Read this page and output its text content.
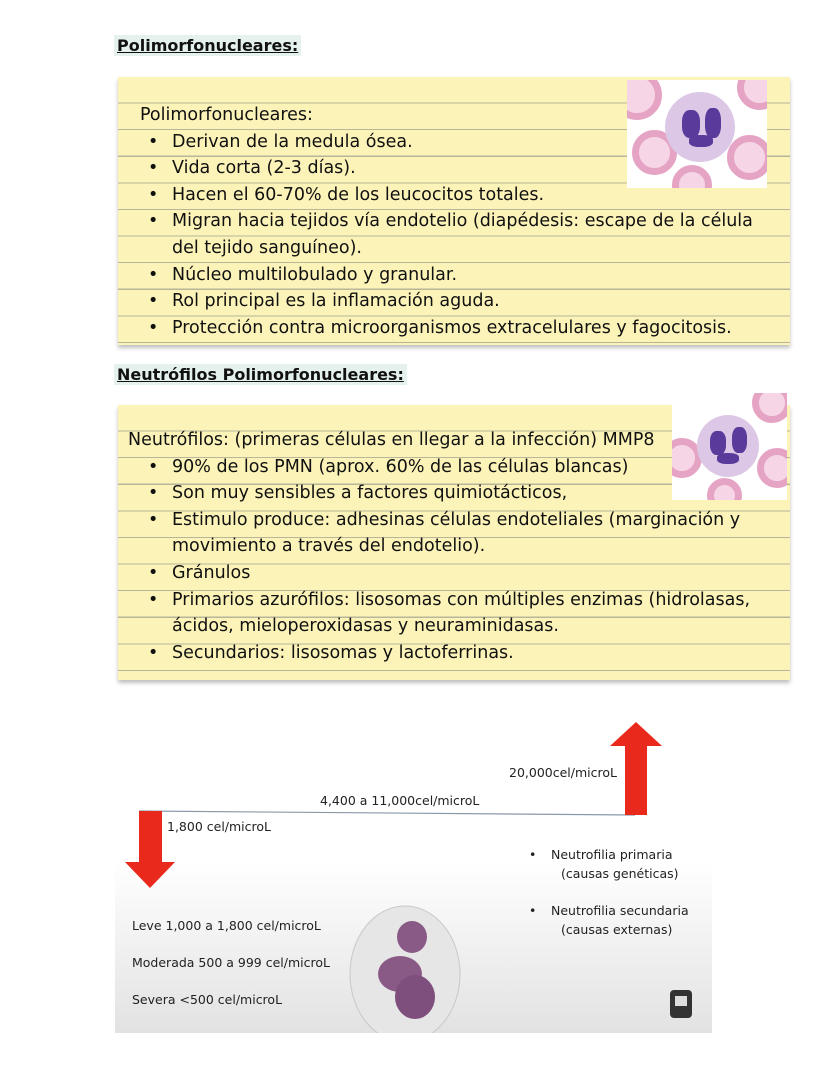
Polimorfonucleares:
Polimorfonucleares:
• Derivan de la medula ósea.
• Vida corta (2-3 días).
• Hacen el 60-70% de los leucocitos totales.
• Migran hacia tejidos vía endotelio (diapédesis: escape de la célula
del tejido sanguíneo).
• Núcleo multilobulado y granular.
• Rol principal es la inflamación aguda.
• Protección contra microorganismos extracelulares y fagocitosis.
Neutrófilos Polimorfonucleares:
Neutrófilos: (primeras células en llegar a la infección) MMP8
• 90% de los PMN (aprox. 60% de las células blancas)
• Son muy sensibles a factores quimiotácticos,
• Estimulo produce: adhesinas células endoteliales (marginación y
movimiento a través del endotelio).
• Gránulos
• Primarios azurófilos: lisosomas con múltiples enzimas (hidrolasas,
ácidos, mieloperoxidasas y neuraminidasas.
• Secundarios: lisosomas y lactoferrinas.
20,000cel/microL
4,400 a 11,000cel/microL
1,800 cel/microL
Leve 1,000 a 1,800 cel/microL
Moderada 500 a 999 cel/microL
Severa <500 cel/microL
• Neutrofilia primaria
(causas genéticas)
• Neutrofilia secundaria
(causas externas)
